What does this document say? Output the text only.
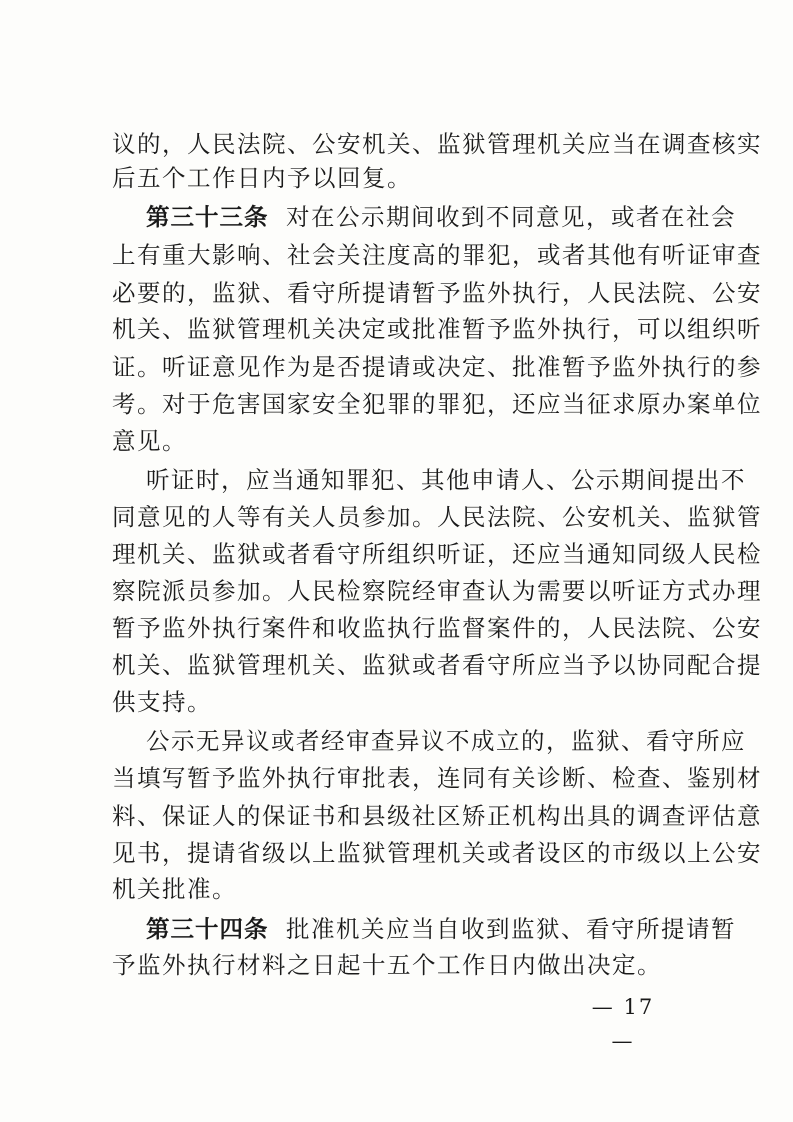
议的，人民法院、公安机关、监狱管理机关应当在调查核实
后五个工作日内予以回复。
第三十三条 对在公示期间收到不同意见，或者在社会
上有重大影响、社会关注度高的罪犯，或者其他有听证审查
必要的，监狱、看守所提请暂予监外执行，人民法院、公安
机关、监狱管理机关决定或批准暂予监外执行，可以组织听
证。听证意见作为是否提请或决定、批准暂予监外执行的参
考。对于危害国家安全犯罪的罪犯，还应当征求原办案单位
意见。
听证时，应当通知罪犯、其他申请人、公示期间提出不
同意见的人等有关人员参加。人民法院、公安机关、监狱管
理机关、监狱或者看守所组织听证，还应当通知同级人民检
察院派员参加。人民检察院经审查认为需要以听证方式办理
暂予监外执行案件和收监执行监督案件的，人民法院、公安
机关、监狱管理机关、监狱或者看守所应当予以协同配合提
供支持。
公示无异议或者经审查异议不成立的，监狱、看守所应
当填写暂予监外执行审批表，连同有关诊断、检查、鉴别材
料、保证人的保证书和县级社区矫正机构出具的调查评估意
见书，提请省级以上监狱管理机关或者设区的市级以上公安
机关批准。
第三十四条 批准机关应当自收到监狱、看守所提请暂
予监外执行材料之日起十五个工作日内做出决定。
— 17 —
